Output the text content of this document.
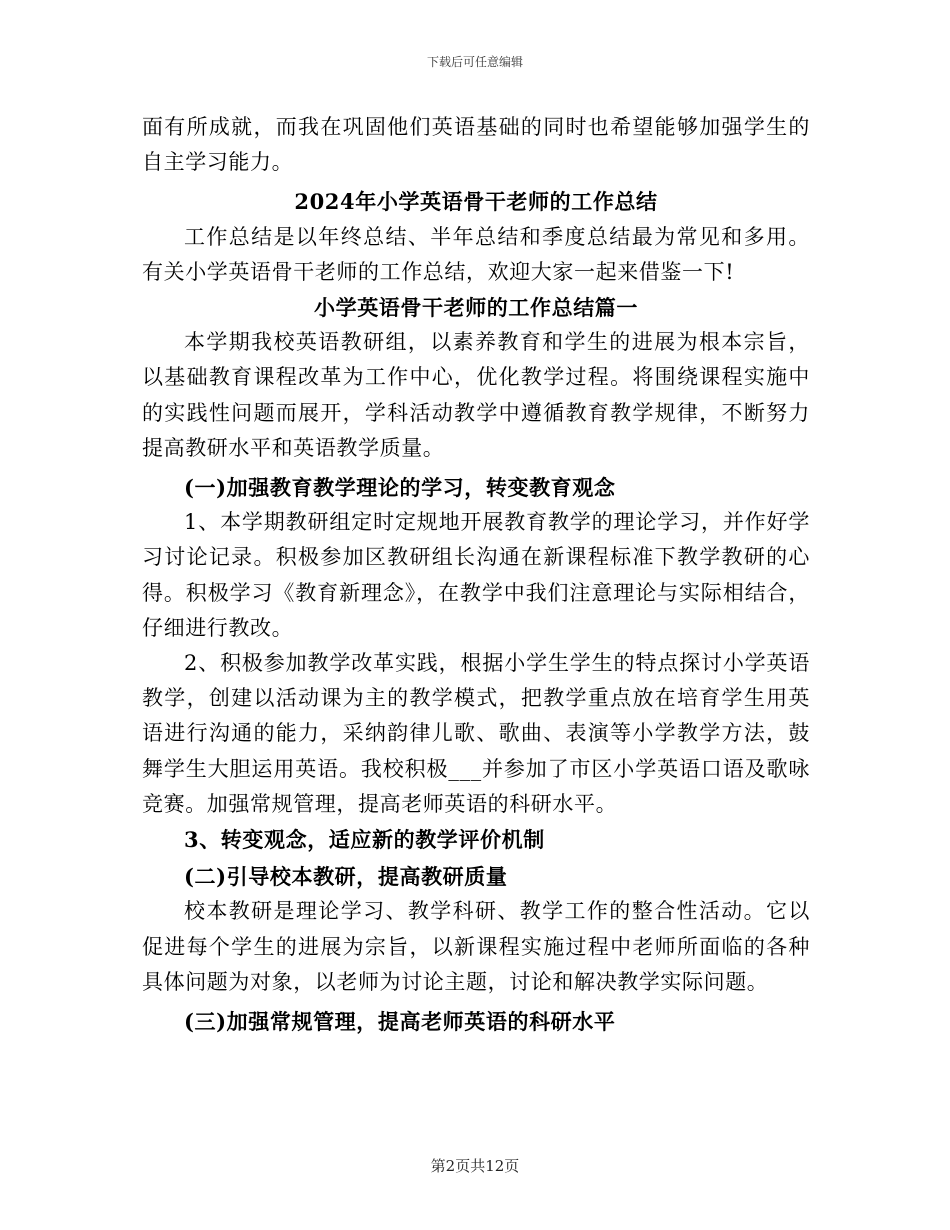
下载后可任意编辑

面有所成就，而我在巩固他们英语基础的同时也希望能够加强学生的自主学习能力。

2024年小学英语骨干老师的工作总结

工作总结是以年终总结、半年总结和季度总结最为常见和多用。有关小学英语骨干老师的工作总结，欢迎大家一起来借鉴一下!

小学英语骨干老师的工作总结篇一

本学期我校英语教研组，以素养教育和学生的进展为根本宗旨，以基础教育课程改革为工作中心，优化教学过程。将围绕课程实施中的实践性问题而展开，学科活动教学中遵循教育教学规律，不断努力提高教研水平和英语教学质量。

(一)加强教育教学理论的学习，转变教育观念

1、本学期教研组定时定规地开展教育教学的理论学习，并作好学习讨论记录。积极参加区教研组长沟通在新课程标准下教学教研的心得。积极学习《教育新理念》，在教学中我们注意理论与实际相结合，仔细进行教改。

2、积极参加教学改革实践，根据小学生学生的特点探讨小学英语教学，创建以活动课为主的教学模式，把教学重点放在培育学生用英语进行沟通的能力，采纳韵律儿歌、歌曲、表演等小学教学方法，鼓舞学生大胆运用英语。我校积极___并参加了市区小学英语口语及歌咏竞赛。加强常规管理，提高老师英语的科研水平。

3、转变观念，适应新的教学评价机制

(二)引导校本教研，提高教研质量

校本教研是理论学习、教学科研、教学工作的整合性活动。它以促进每个学生的进展为宗旨，以新课程实施过程中老师所面临的各种具体问题为对象，以老师为讨论主题，讨论和解决教学实际问题。

(三)加强常规管理，提高老师英语的科研水平

第2页共12页
